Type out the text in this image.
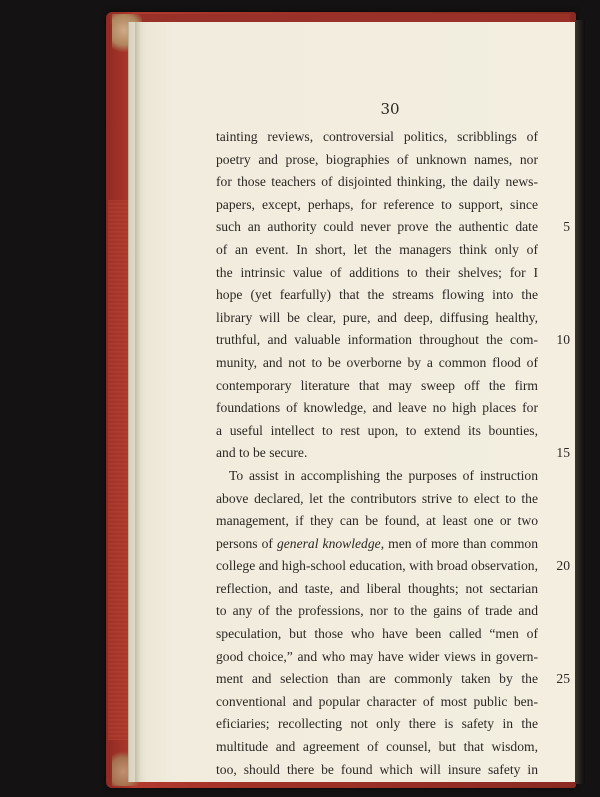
30
tainting reviews, controversial politics, scribblings of
poetry and prose, biographies of unknown names, nor
for those teachers of disjointed thinking, the daily news-
papers, except, perhaps, for reference to support, since
such an authority could never prove the authentic date
of an event. In short, let the managers think only of
the intrinsic value of additions to their shelves; for I
hope (yet fearfully) that the streams flowing into the
library will be clear, pure, and deep, diffusing healthy,
truthful, and valuable information throughout the com-
munity, and not to be overborne by a common flood of
contemporary literature that may sweep off the firm
foundations of knowledge, and leave no high places for
a useful intellect to rest upon, to extend its bounties,
and to be secure.
To assist in accomplishing the purposes of instruction
above declared, let the contributors strive to elect to the
management, if they can be found, at least one or two
persons of general knowledge, men of more than common
college and high-school education, with broad observation,
reflection, and taste, and liberal thoughts; not sectarian
to any of the professions, nor to the gains of trade and
speculation, but those who have been called “men of
good choice,” and who may have wider views in govern-
ment and selection than are commonly taken by the
conventional and popular character of most public ben-
eficiaries; recollecting not only there is safety in the
multitude and agreement of counsel, but that wisdom,
too, should there be found which will insure safety in
5
10
15
20
25
